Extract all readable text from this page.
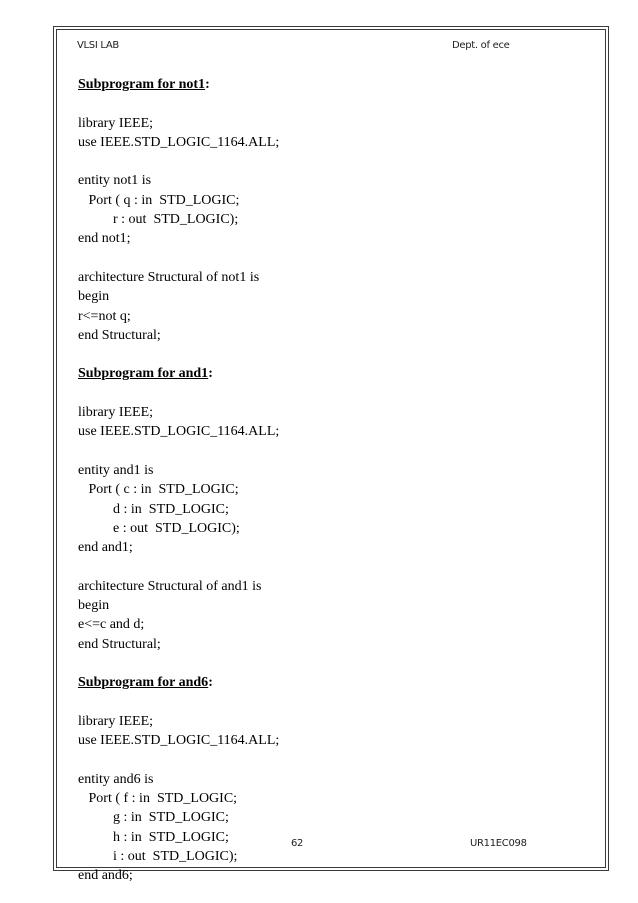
VLSI LAB	Dept. of ece
Subprogram for not1:
library IEEE;
use IEEE.STD_LOGIC_1164.ALL;
entity not1 is
Port ( q : in  STD_LOGIC;
r : out  STD_LOGIC);
end not1;
architecture Structural of not1 is
begin
r<=not q;
end Structural;
Subprogram for and1:
library IEEE;
use IEEE.STD_LOGIC_1164.ALL;
entity and1 is
Port ( c : in  STD_LOGIC;
d : in  STD_LOGIC;
e : out  STD_LOGIC);
end and1;
architecture Structural of and1 is
begin
e<=c and d;
end Structural;
Subprogram for and6:
library IEEE;
use IEEE.STD_LOGIC_1164.ALL;
entity and6 is
Port ( f : in  STD_LOGIC;
g : in  STD_LOGIC;
h : in  STD_LOGIC;
i : out  STD_LOGIC);
end and6;
62	UR11EC098
